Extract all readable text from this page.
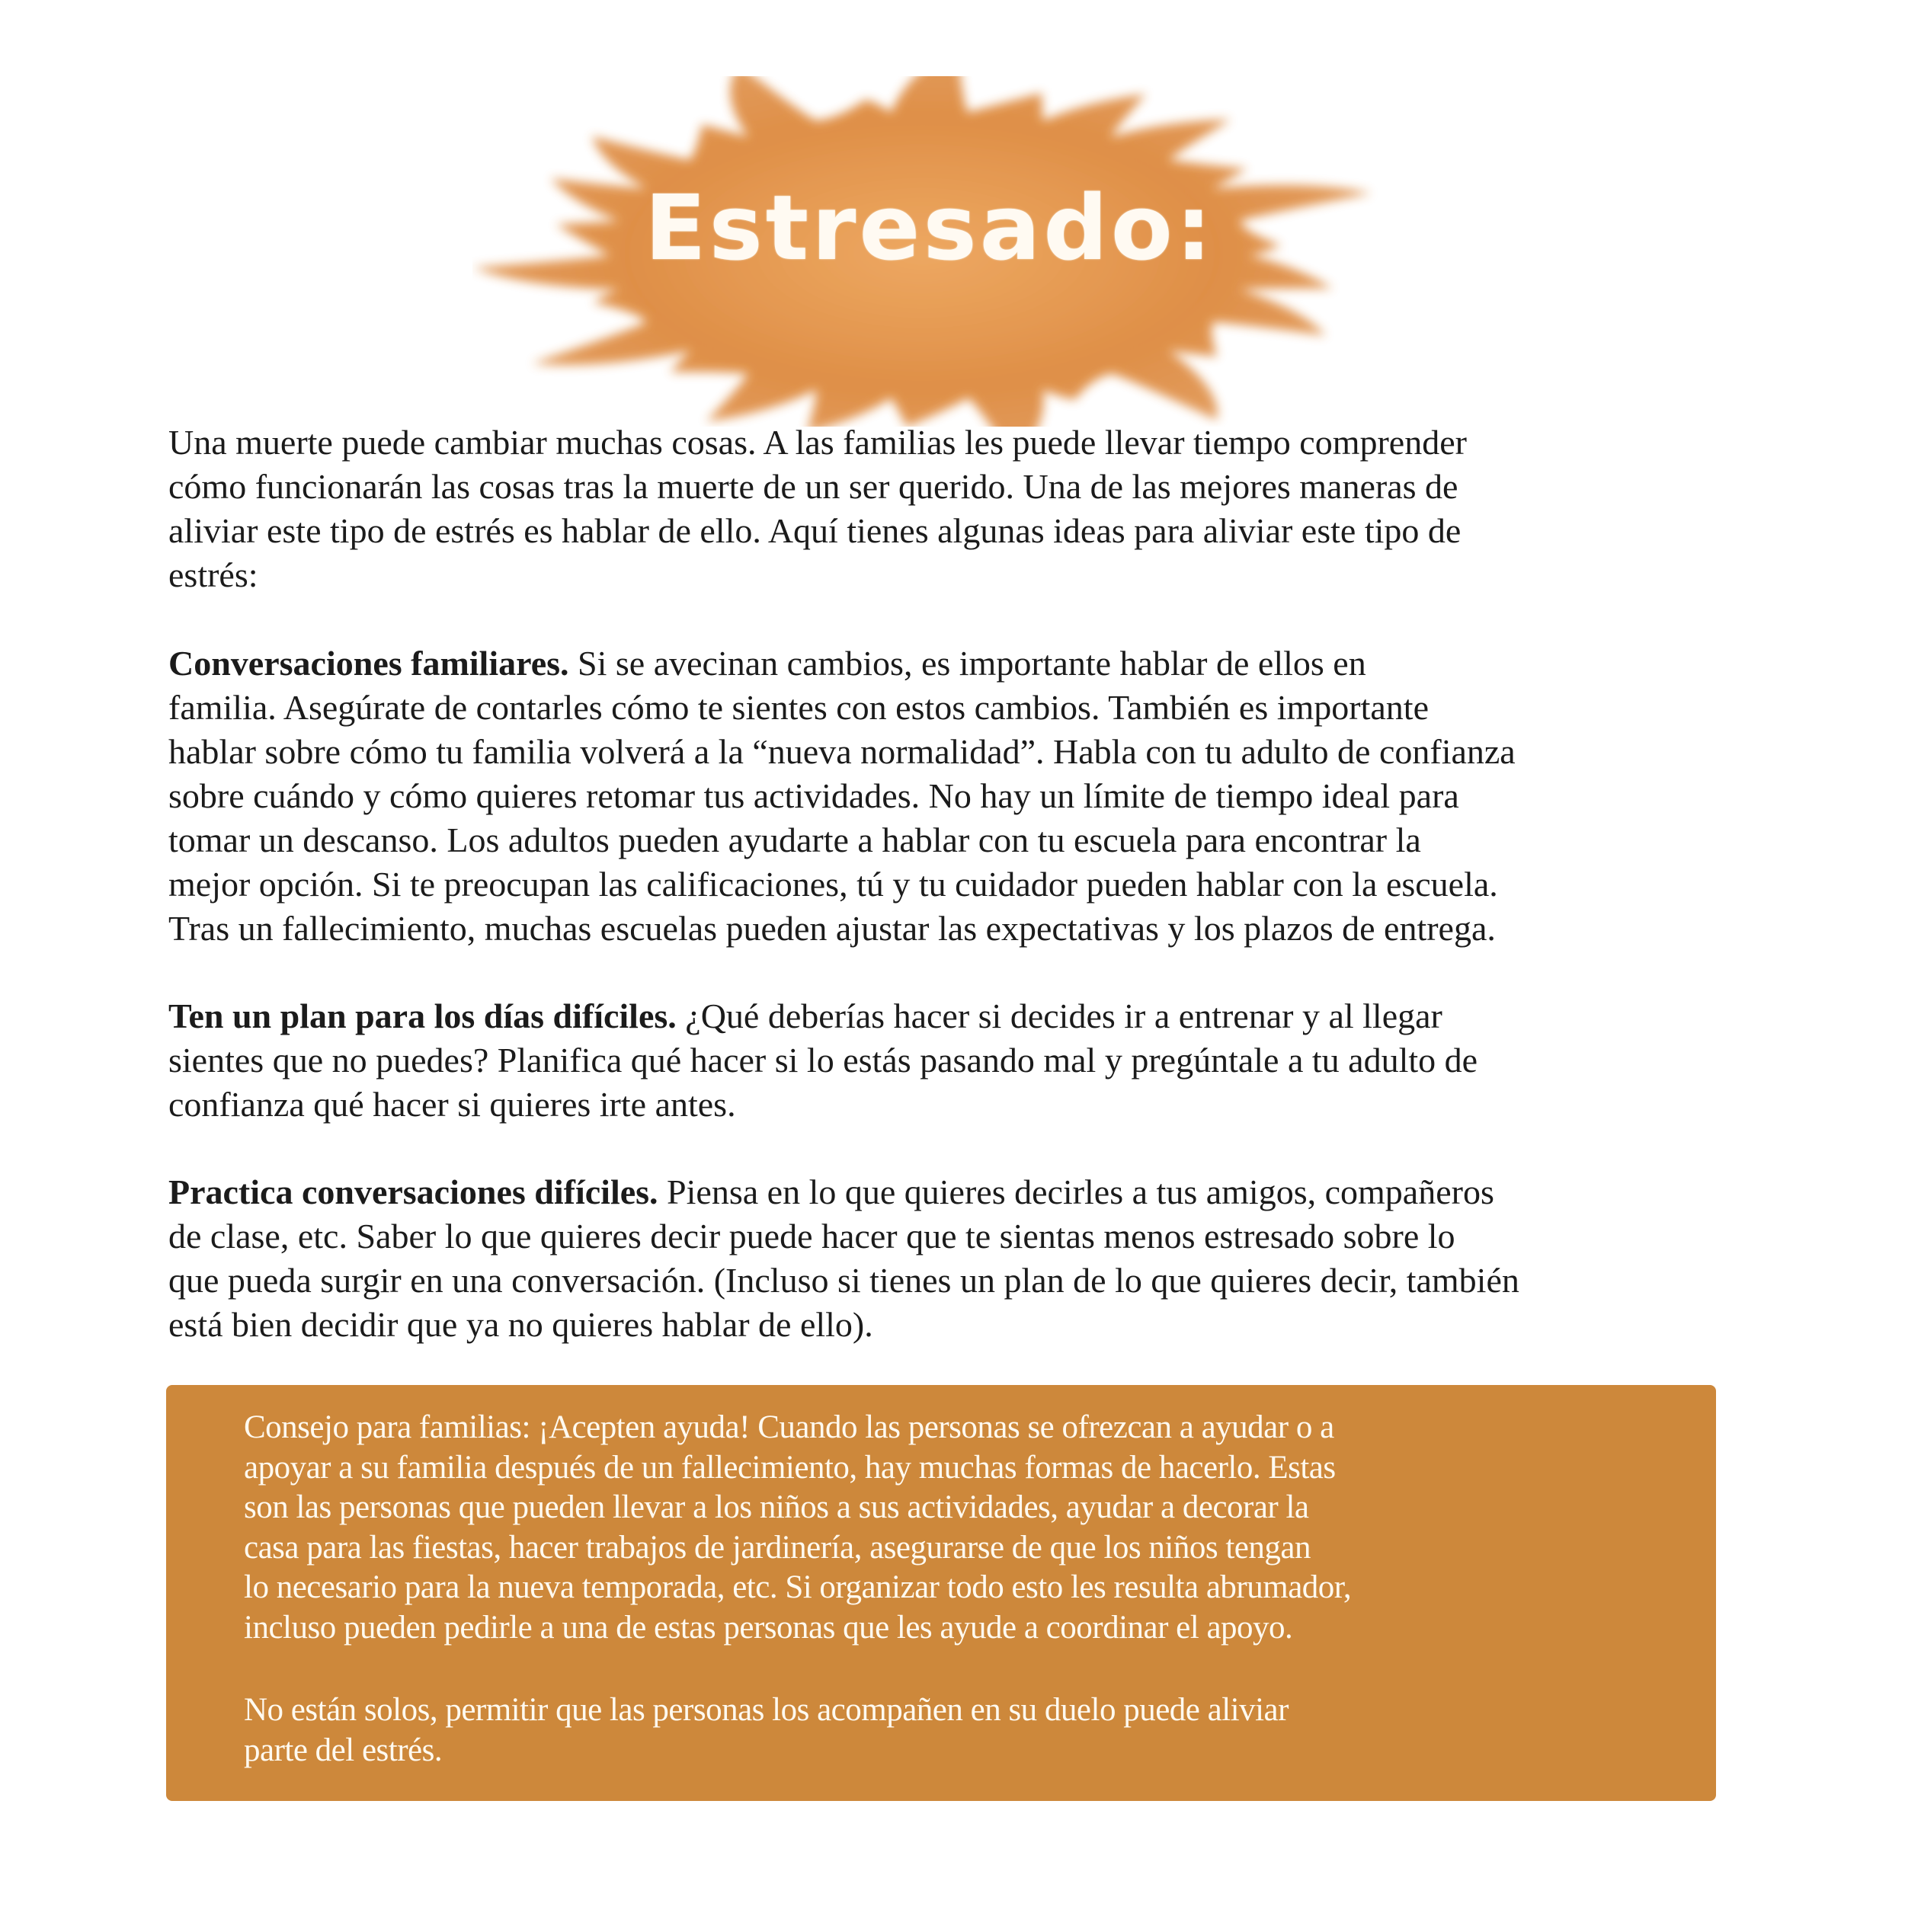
Estresado:
Una muerte puede cambiar muchas cosas. A las familias les puede llevar tiempo comprender
cómo funcionarán las cosas tras la muerte de un ser querido. Una de las mejores maneras de
aliviar este tipo de estrés es hablar de ello. Aquí tienes algunas ideas para aliviar este tipo de
estrés:
Conversaciones familiares. Si se avecinan cambios, es importante hablar de ellos en
familia. Asegúrate de contarles cómo te sientes con estos cambios. También es importante
hablar sobre cómo tu familia volverá a la “nueva normalidad”. Habla con tu adulto de confianza
sobre cuándo y cómo quieres retomar tus actividades. No hay un límite de tiempo ideal para
tomar un descanso. Los adultos pueden ayudarte a hablar con tu escuela para encontrar la
mejor opción. Si te preocupan las calificaciones, tú y tu cuidador pueden hablar con la escuela.
Tras un fallecimiento, muchas escuelas pueden ajustar las expectativas y los plazos de entrega.
Ten un plan para los días difíciles. ¿Qué deberías hacer si decides ir a entrenar y al llegar
sientes que no puedes? Planifica qué hacer si lo estás pasando mal y pregúntale a tu adulto de
confianza qué hacer si quieres irte antes.
Practica conversaciones difíciles. Piensa en lo que quieres decirles a tus amigos, compañeros
de clase, etc. Saber lo que quieres decir puede hacer que te sientas menos estresado sobre lo
que pueda surgir en una conversación. (Incluso si tienes un plan de lo que quieres decir, también
está bien decidir que ya no quieres hablar de ello).
Consejo para familias: ¡Acepten ayuda! Cuando las personas se ofrezcan a ayudar o a
apoyar a su familia después de un fallecimiento, hay muchas formas de hacerlo. Estas
son las personas que pueden llevar a los niños a sus actividades, ayudar a decorar la
casa para las fiestas, hacer trabajos de jardinería, asegurarse de que los niños tengan
lo necesario para la nueva temporada, etc. Si organizar todo esto les resulta abrumador,
incluso pueden pedirle a una de estas personas que les ayude a coordinar el apoyo.
No están solos, permitir que las personas los acompañen en su duelo puede aliviar
parte del estrés.
